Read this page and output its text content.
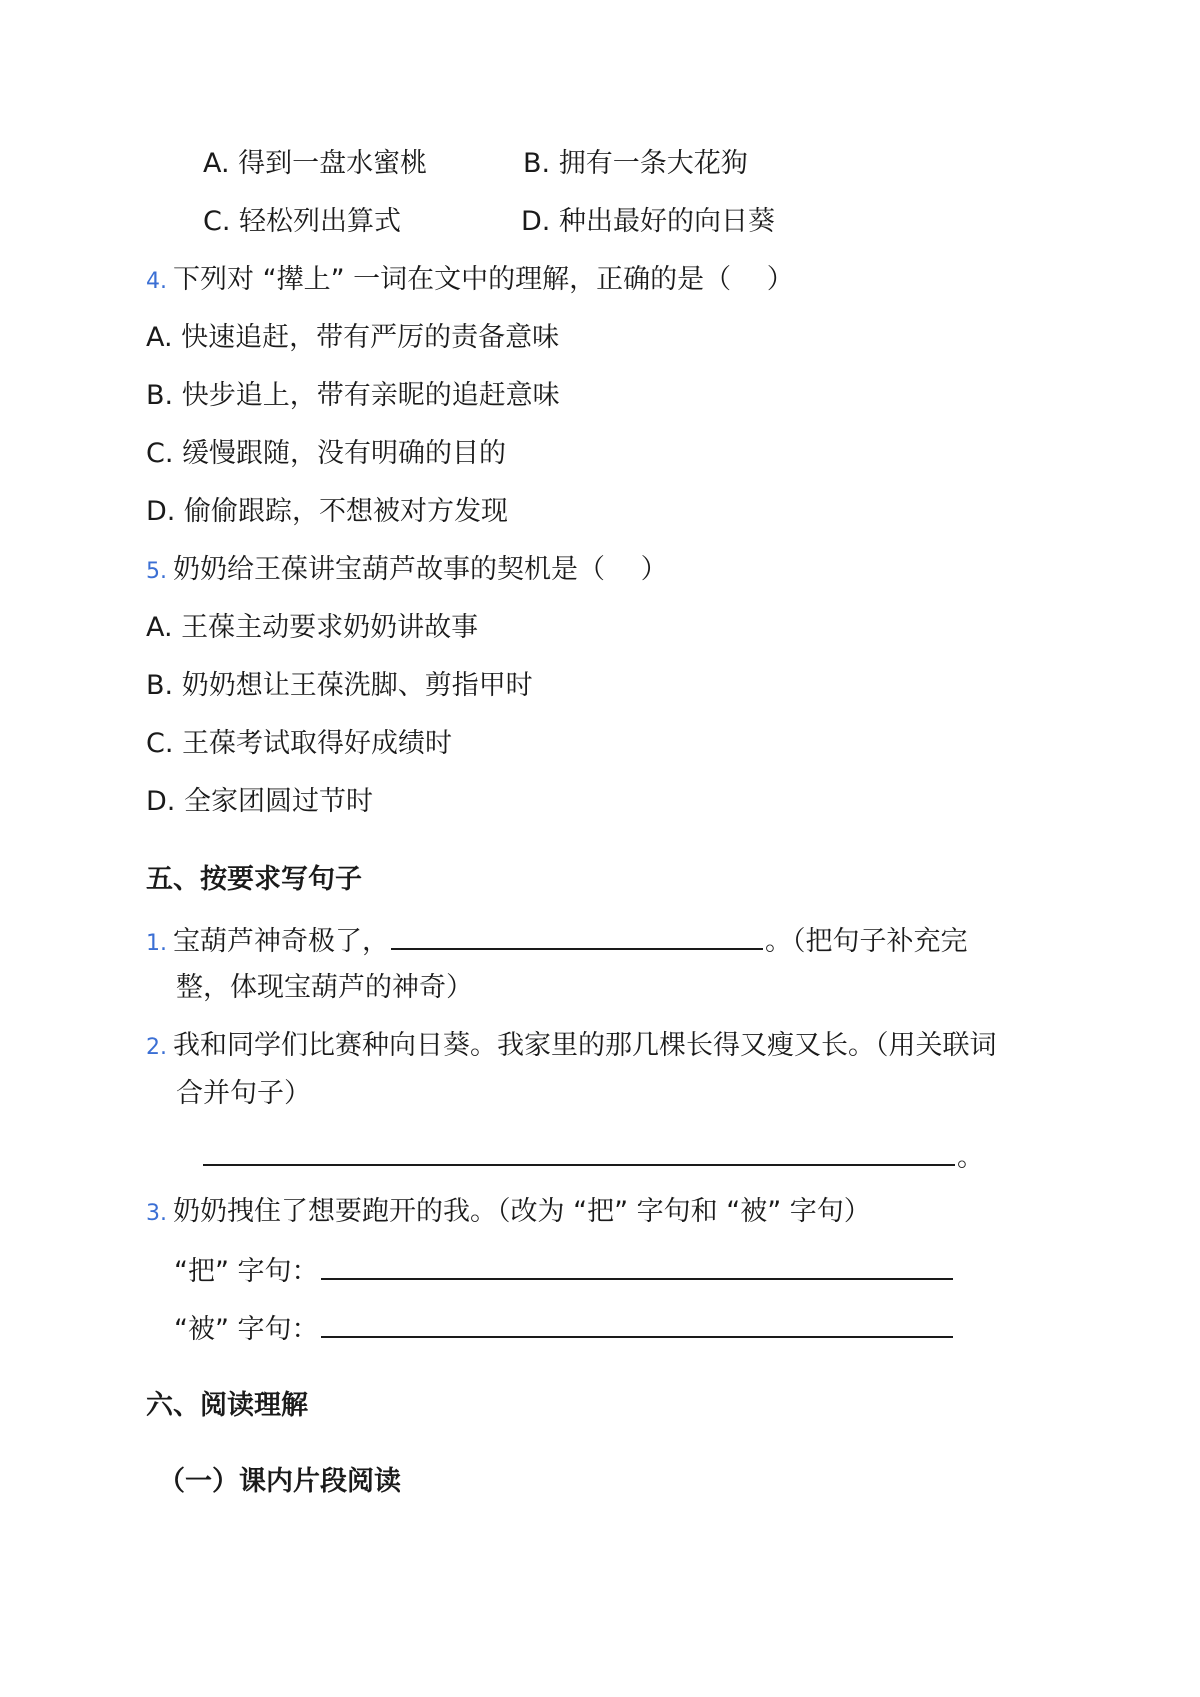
A. 得到一盘水蜜桃	B. 拥有一条大花狗
C. 轻松列出算式	D. 种出最好的向日葵
4. 下列对 “撵上” 一词在文中的理解，正确的是（　 ）
A. 快速追赶，带有严厉的责备意味
B. 快步追上，带有亲昵的追赶意味
C. 缓慢跟随，没有明确的目的
D. 偷偷跟踪，不想被对方发现
5. 奶奶给王葆讲宝葫芦故事的契机是（　 ）
A. 王葆主动要求奶奶讲故事
B. 奶奶想让王葆洗脚、剪指甲时
C. 王葆考试取得好成绩时
D. 全家团圆过节时
五、按要求写句子
1. 宝葫芦神奇极了，	。（把句子补充完
整，体现宝葫芦的神奇）
2. 我和同学们比赛种向日葵。我家里的那几棵长得又瘦又长。（用关联词
合并句子）
。
3. 奶奶拽住了想要跑开的我。（改为 “把” 字句和 “被” 字句）
“把” 字句：
“被” 字句：
六、阅读理解
（一）课内片段阅读
